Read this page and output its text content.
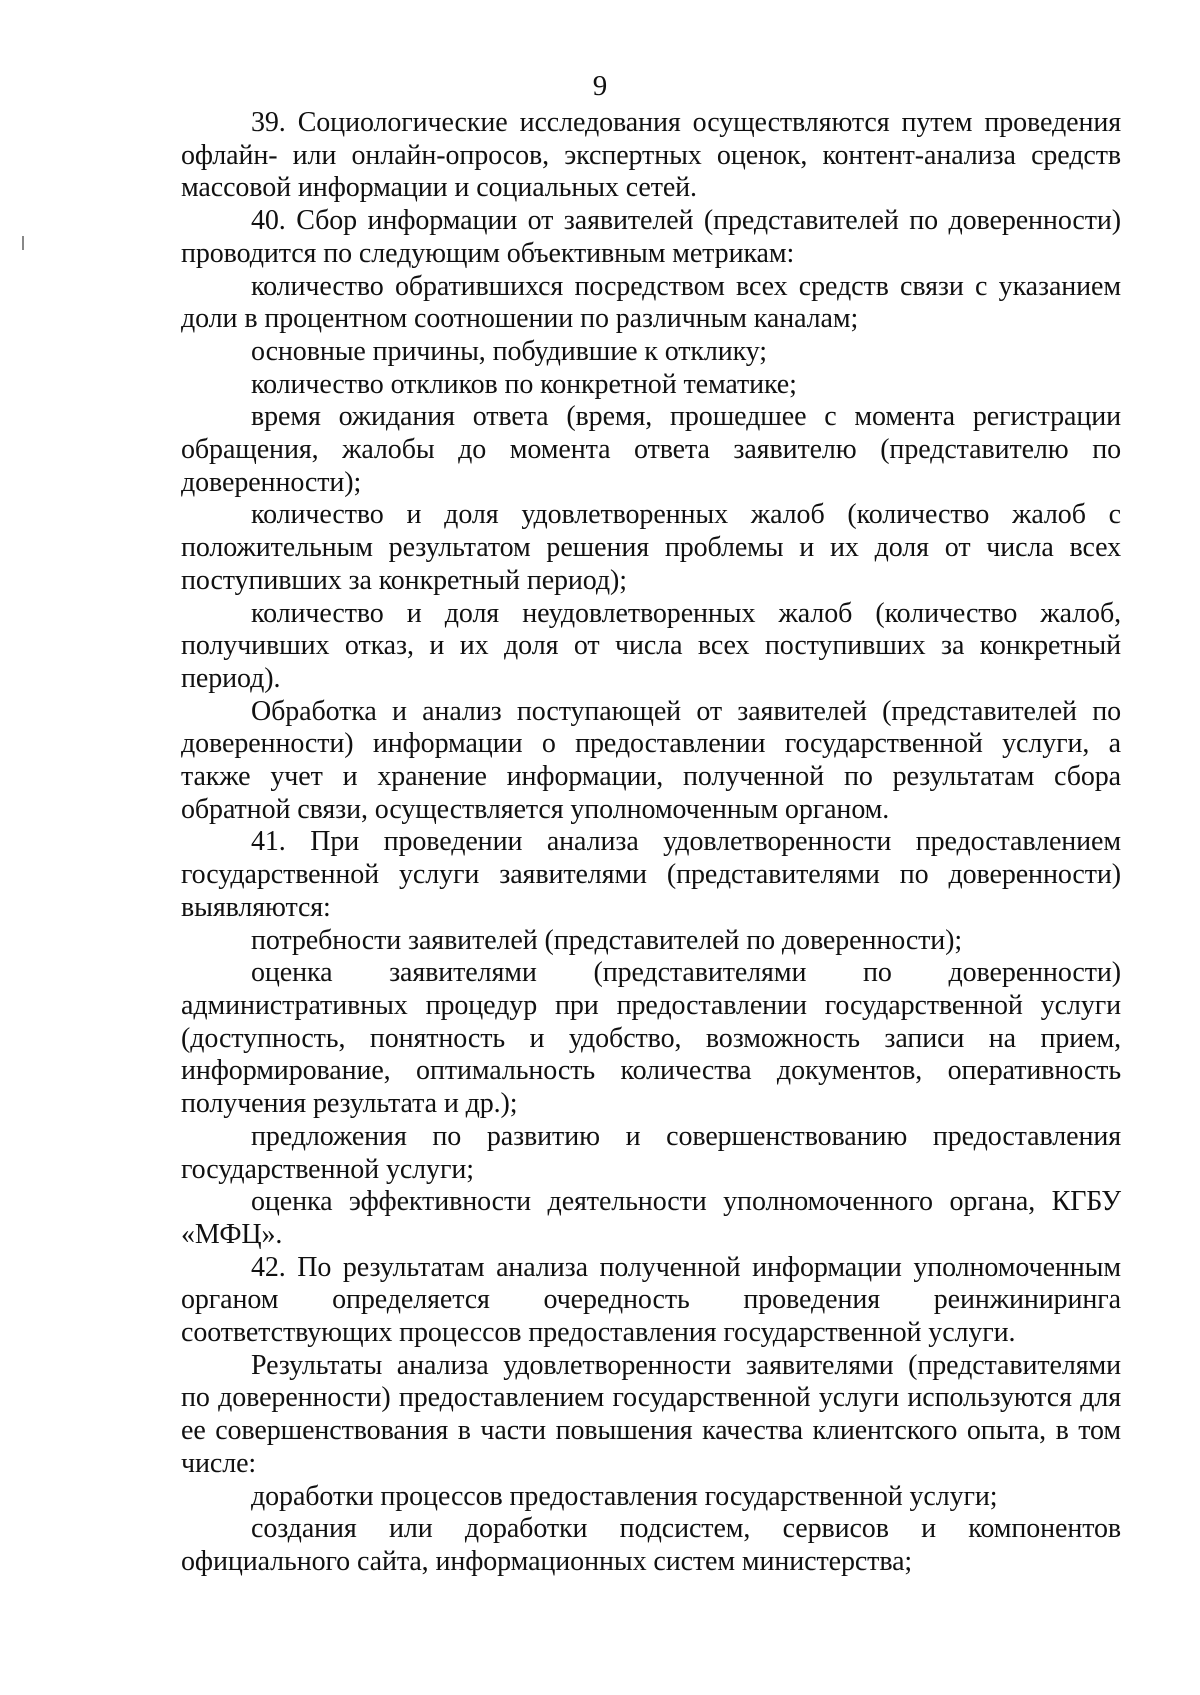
9

39. Социологические исследования осуществляются путем проведения офлайн- или онлайн-опросов, экспертных оценок, контент-анализа средств массовой информации и социальных сетей.

40. Сбор информации от заявителей (представителей по доверенности) проводится по следующим объективным метрикам:

количество обратившихся посредством всех средств связи с указанием доли в процентном соотношении по различным каналам;

основные причины, побудившие к отклику;

количество откликов по конкретной тематике;

время ожидания ответа (время, прошедшее с момента регистрации обращения, жалобы до момента ответа заявителю (представителю по доверенности);

количество и доля удовлетворенных жалоб (количество жалоб с положительным результатом решения проблемы и их доля от числа всех поступивших за конкретный период);

количество и доля неудовлетворенных жалоб (количество жалоб, получивших отказ, и их доля от числа всех поступивших за конкретный период).

Обработка и анализ поступающей от заявителей (представителей по доверенности) информации о предоставлении государственной услуги, а также учет и хранение информации, полученной по результатам сбора обратной связи, осуществляется уполномоченным органом.

41. При проведении анализа удовлетворенности предоставлением государственной услуги заявителями (представителями по доверенности) выявляются:

потребности заявителей (представителей по доверенности);

оценка заявителями (представителями по доверенности) административных процедур при предоставлении государственной услуги (доступность, понятность и удобство, возможность записи на прием, информирование, оптимальность количества документов, оперативность получения результата и др.);

предложения по развитию и совершенствованию предоставления государственной услуги;

оценка эффективности деятельности уполномоченного органа, КГБУ «МФЦ».

42. По результатам анализа полученной информации уполномоченным органом определяется очередность проведения реинжиниринга соответствующих процессов предоставления государственной услуги.

Результаты анализа удовлетворенности заявителями (представителями по доверенности) предоставлением государственной услуги используются для ее совершенствования в части повышения качества клиентского опыта, в том числе:

доработки процессов предоставления государственной услуги;

создания или доработки подсистем, сервисов и компонентов официального сайта, информационных систем министерства;
